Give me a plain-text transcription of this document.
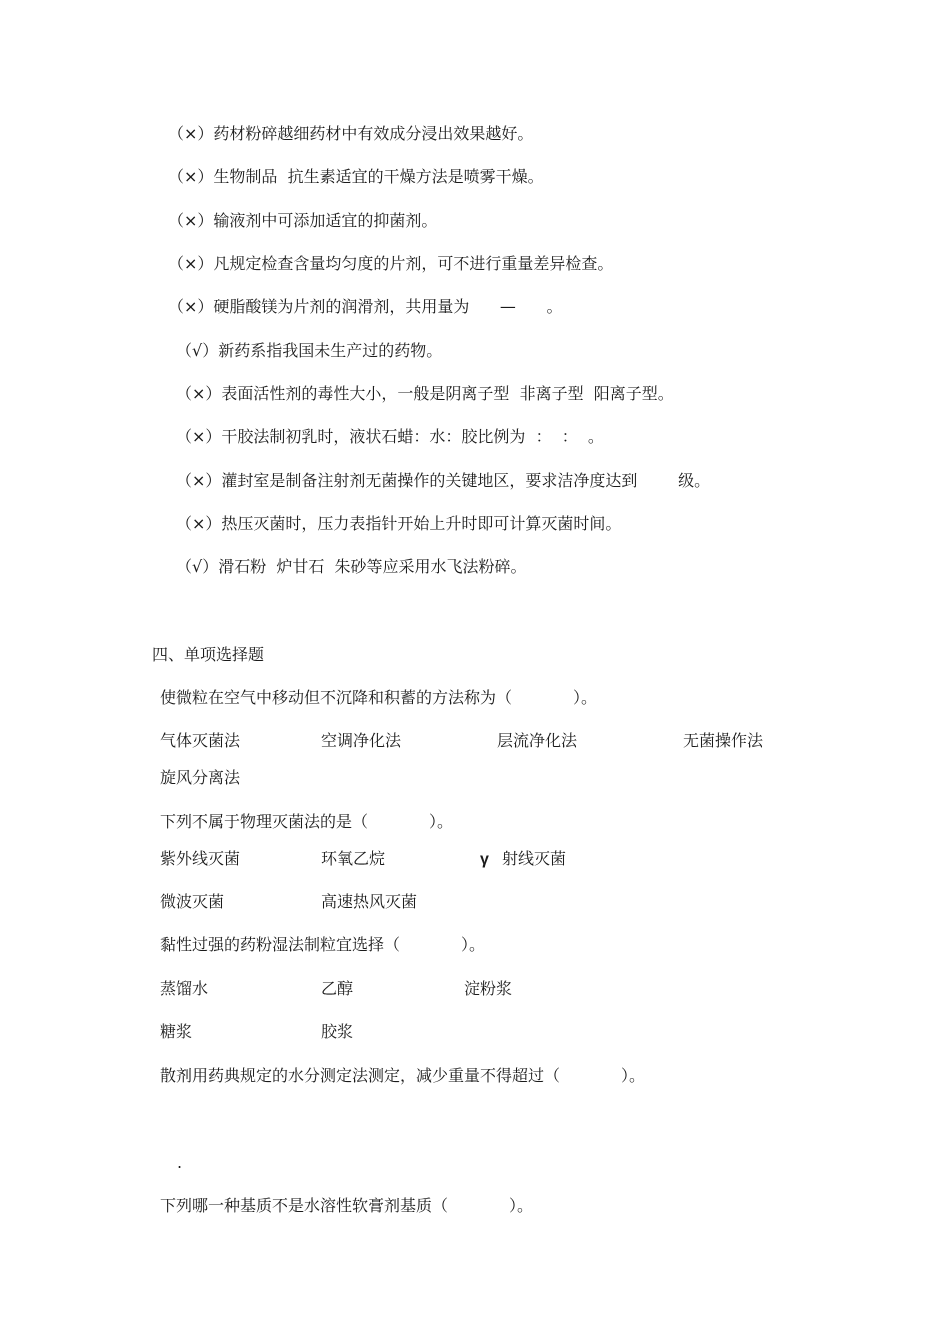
（×）药材粉碎越细药材中有效成分浸出效果越好。
（×）生物制品  抗生素适宜的干燥方法是喷雾干燥。
（×）输液剂中可添加适宜的抑菌剂。
（×）凡规定检查含量均匀度的片剂，可不进行重量差异检查。
（×）硬脂酸镁为片剂的润滑剂，共用量为      —      。
（√）新药系指我国未生产过的药物。
（×）表面活性剂的毒性大小，一般是阴离子型  非离子型  阳离子型。
（×）干胶法制初乳时，液状石蜡：水：胶比例为  ：  ：  。
（×）灌封室是制备注射剂无菌操作的关键地区，要求洁净度达到        级。
（×）热压灭菌时，压力表指针开始上升时即可计算灭菌时间。
（√）滑石粉  炉甘石  朱砂等应采用水飞法粉碎。
四、单项选择题
使微粒在空气中移动但不沉降和积蓄的方法称为（            ）。
气体灭菌法	空调净化法	层流净化法	无菌操作法
旋风分离法
下列不属于物理灭菌法的是（            ）。
紫外线灭菌	环氧乙烷	γ 射线灭菌
微波灭菌	高速热风灭菌
黏性过强的药粉湿法制粒宜选择（            ）。
蒸馏水	乙醇	淀粉浆
糖浆	胶浆
散剂用药典规定的水分测定法测定，减少重量不得超过（            ）。
.
下列哪一种基质不是水溶性软膏剂基质（            ）。
